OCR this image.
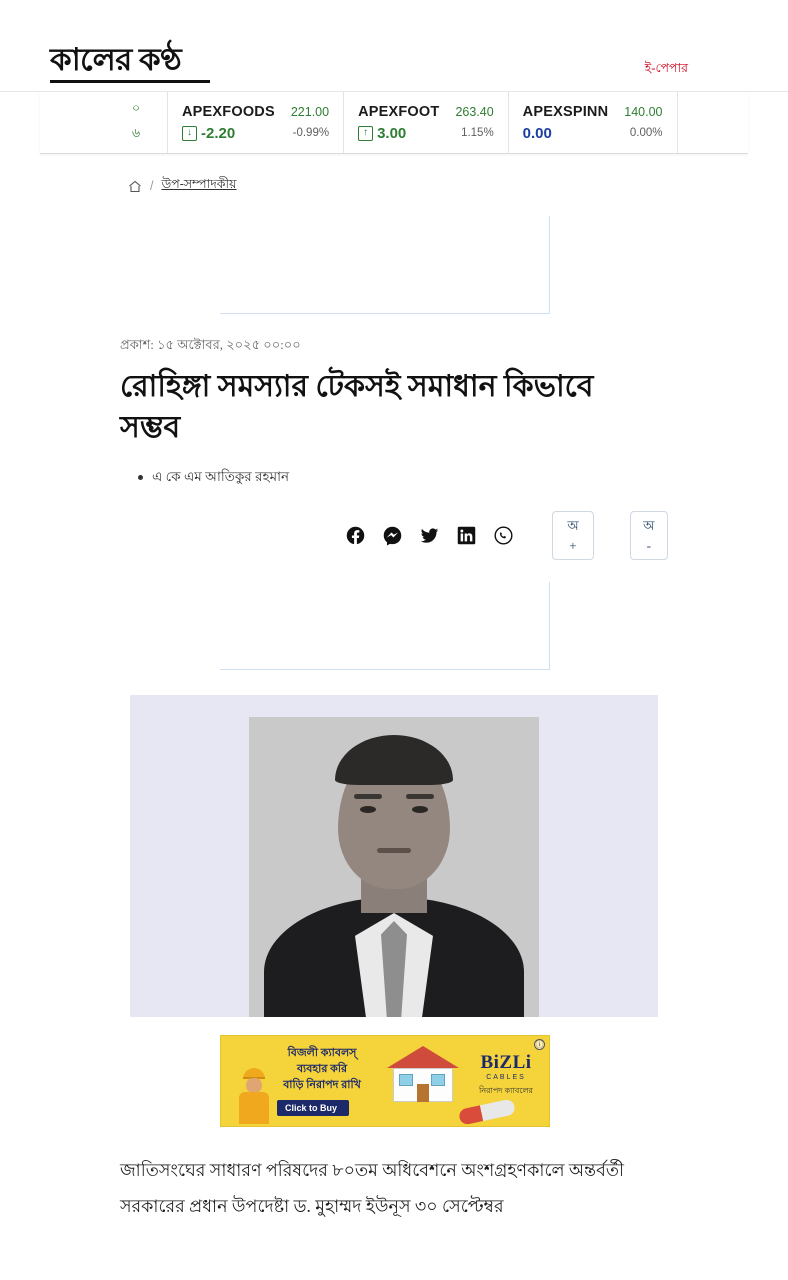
কালের কণ্ঠ	ই-পেপার
০
৬
APEXFOODS 221.00
↓ -2.20	-0.99%
APEXFOOT 263.40
↑ 3.00	1.15%
APEXSPINN 140.00
0.00	0.00%
/ উপ-সম্পাদকীয়
প্রকাশ: ১৫ অক্টোবর, ২০২৫ ০০:০০
রোহিঙ্গা সমস্যার টেকসই সমাধান কিভাবে সম্ভব
এ কে এম আতিকুর রহমান
অ +
অ -
ⓘ
বিজলী ক্যাবলস্
ব্যবহার করি
বাড়ি নিরাপদ রাখি
Click to Buy
BiZLi
CABLES
নিরাপদ ক্যাবলের

জাতিসংঘের সাধারণ পরিষদের ৮০তম অধিবেশনে অংশগ্রহণকালে অন্তর্বর্তী সরকারের প্রধান উপদেষ্টা ড. মুহাম্মদ ইউনূস ৩০ সেপ্টেম্বর
